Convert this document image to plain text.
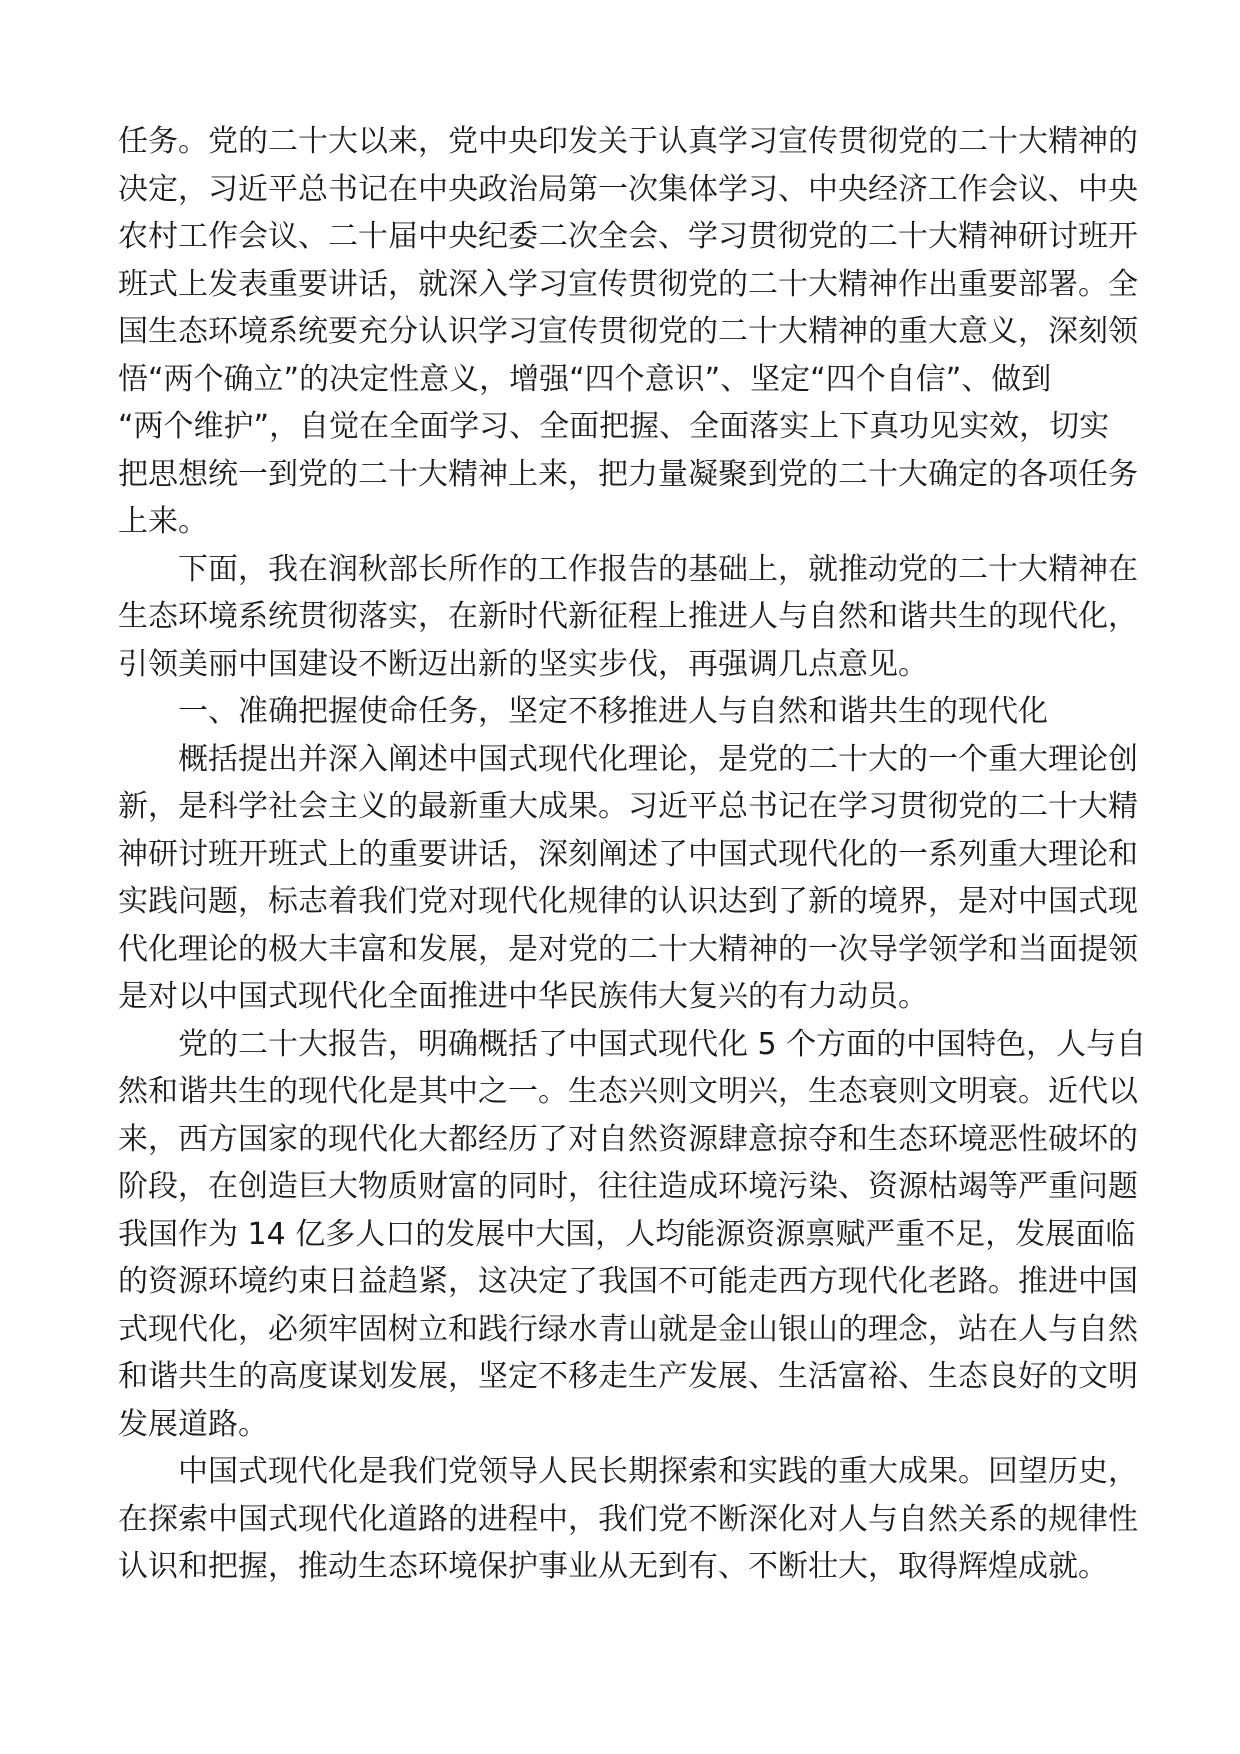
任务。党的二十大以来，党中央印发关于认真学习宣传贯彻党的二十大精神的
决定，习近平总书记在中央政治局第一次集体学习、中央经济工作会议、中央
农村工作会议、二十届中央纪委二次全会、学习贯彻党的二十大精神研讨班开
班式上发表重要讲话，就深入学习宣传贯彻党的二十大精神作出重要部署。全
国生态环境系统要充分认识学习宣传贯彻党的二十大精神的重大意义，深刻领
悟“两个确立”的决定性意义，增强“四个意识”、坚定“四个自信”、做到
“两个维护”，自觉在全面学习、全面把握、全面落实上下真功见实效，切实
把思想统一到党的二十大精神上来，把力量凝聚到党的二十大确定的各项任务
上来。

下面，我在润秋部长所作的工作报告的基础上，就推动党的二十大精神在
生态环境系统贯彻落实，在新时代新征程上推进人与自然和谐共生的现代化，
引领美丽中国建设不断迈出新的坚实步伐，再强调几点意见。

一、准确把握使命任务，坚定不移推进人与自然和谐共生的现代化

概括提出并深入阐述中国式现代化理论，是党的二十大的一个重大理论创
新，是科学社会主义的最新重大成果。习近平总书记在学习贯彻党的二十大精
神研讨班开班式上的重要讲话，深刻阐述了中国式现代化的一系列重大理论和
实践问题，标志着我们党对现代化规律的认识达到了新的境界，是对中国式现
代化理论的极大丰富和发展，是对党的二十大精神的一次导学领学和当面提领
是对以中国式现代化全面推进中华民族伟大复兴的有力动员。

党的二十大报告，明确概括了中国式现代化 5 个方面的中国特色，人与自
然和谐共生的现代化是其中之一。生态兴则文明兴，生态衰则文明衰。近代以
来，西方国家的现代化大都经历了对自然资源肆意掠夺和生态环境恶性破坏的
阶段，在创造巨大物质财富的同时，往往造成环境污染、资源枯竭等严重问题
我国作为 14 亿多人口的发展中大国，人均能源资源禀赋严重不足，发展面临
的资源环境约束日益趋紧，这决定了我国不可能走西方现代化老路。推进中国
式现代化，必须牢固树立和践行绿水青山就是金山银山的理念，站在人与自然
和谐共生的高度谋划发展，坚定不移走生产发展、生活富裕、生态良好的文明
发展道路。

中国式现代化是我们党领导人民长期探索和实践的重大成果。回望历史，
在探索中国式现代化道路的进程中，我们党不断深化对人与自然关系的规律性
认识和把握，推动生态环境保护事业从无到有、不断壮大，取得辉煌成就。
